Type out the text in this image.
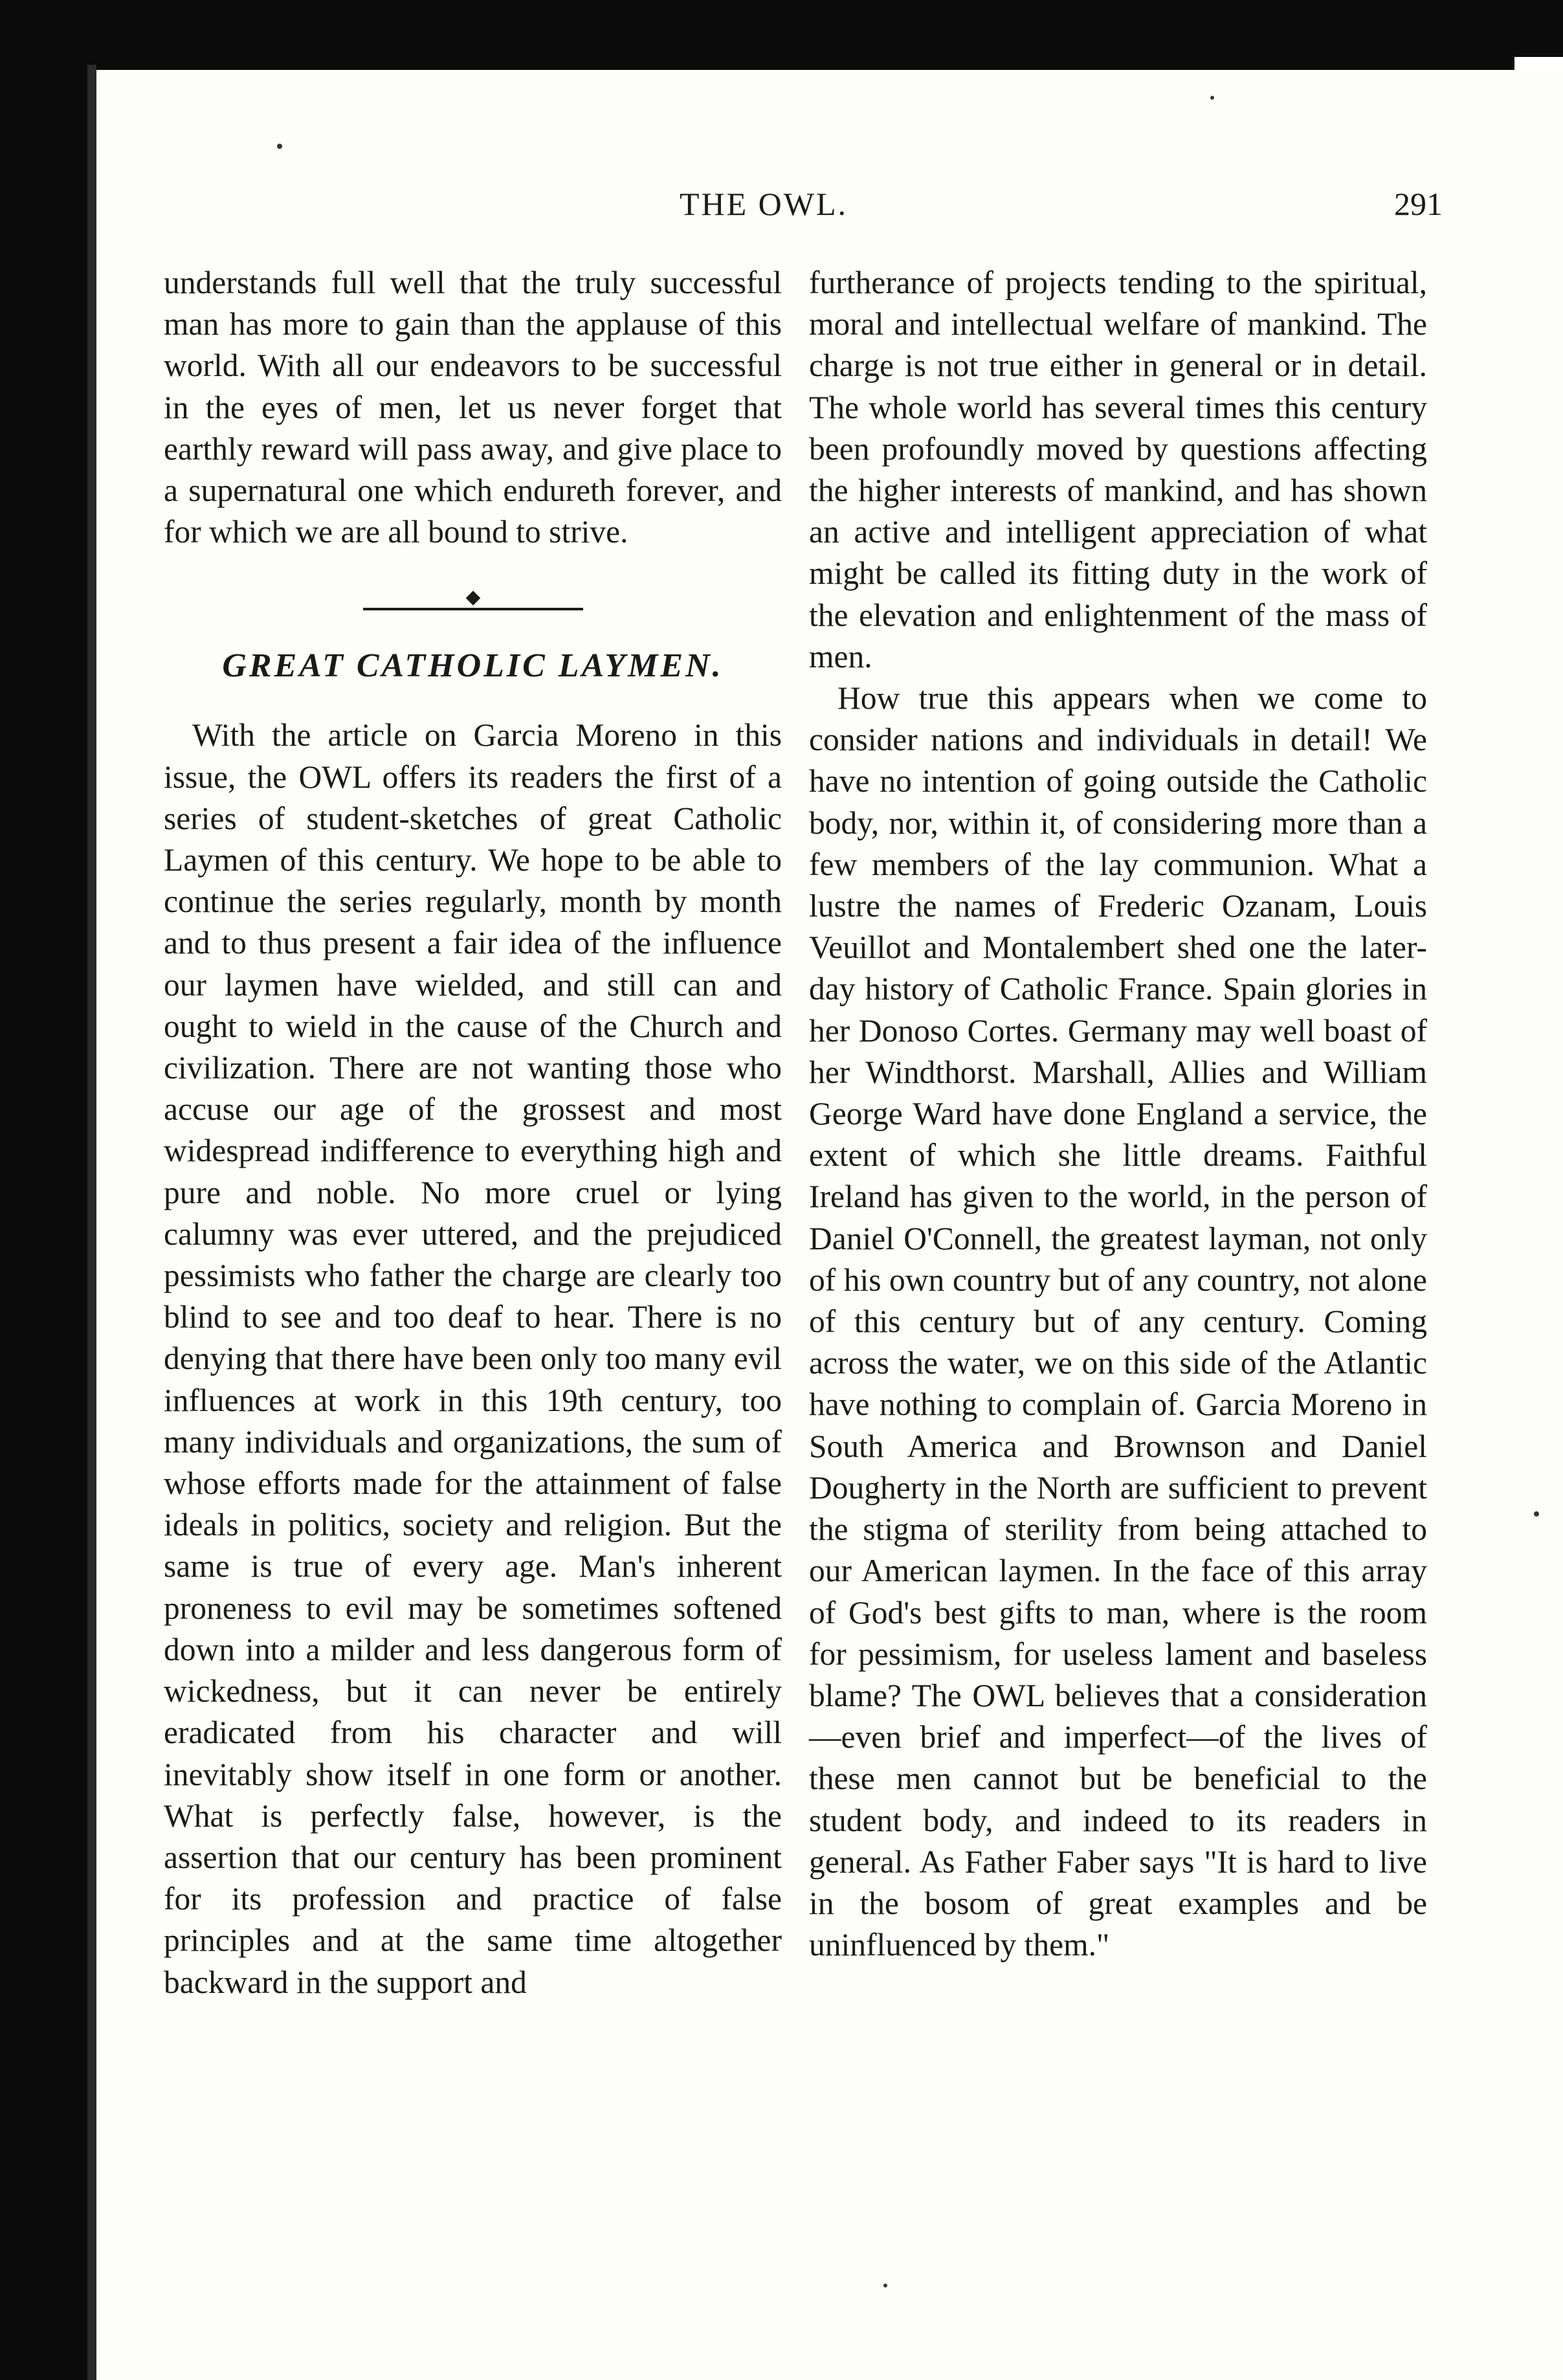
THE OWL.	291

understands full well that the truly successful man has more to gain than the applause of this world. With all our endeavors to be successful in the eyes of men, let us never forget that earthly reward will pass away, and give place to a supernatural one which endureth forever, and for which we are all bound to strive.

GREAT CATHOLIC LAYMEN.

With the article on Garcia Moreno in this issue, the OWL offers its readers the first of a series of student-sketches of great Catholic Laymen of this century. We hope to be able to continue the series regularly, month by month and to thus present a fair idea of the influence our laymen have wielded, and still can and ought to wield in the cause of the Church and civilization. There are not wanting those who accuse our age of the grossest and most widespread indifference to everything high and pure and noble. No more cruel or lying calumny was ever uttered, and the prejudiced pessimists who father the charge are clearly too blind to see and too deaf to hear. There is no denying that there have been only too many evil influences at work in this 19th century, too many individuals and organizations, the sum of whose efforts made for the attainment of false ideals in politics, society and religion. But the same is true of every age. Man's inherent proneness to evil may be sometimes softened down into a milder and less dangerous form of wickedness, but it can never be entirely eradicated from his character and will inevitably show itself in one form or another. What is perfectly false, however, is the assertion that our century has been prominent for its profession and practice of false principles and at the same time altogether backward in the support and

furtherance of projects tending to the spiritual, moral and intellectual welfare of mankind. The charge is not true either in general or in detail. The whole world has several times this century been profoundly moved by questions affecting the higher interests of mankind, and has shown an active and intelligent appreciation of what might be called its fitting duty in the work of the elevation and enlightenment of the mass of men.

How true this appears when we come to consider nations and individuals in detail! We have no intention of going outside the Catholic body, nor, within it, of considering more than a few members of the lay communion. What a lustre the names of Frederic Ozanam, Louis Veuillot and Montalembert shed one the later-day history of Catholic France. Spain glories in her Donoso Cortes. Germany may well boast of her Windthorst. Marshall, Allies and William George Ward have done England a service, the extent of which she little dreams. Faithful Ireland has given to the world, in the person of Daniel O'Connell, the greatest layman, not only of his own country but of any country, not alone of this century but of any century. Coming across the water, we on this side of the Atlantic have nothing to complain of. Garcia Moreno in South America and Brownson and Daniel Dougherty in the North are sufficient to prevent the stigma of sterility from being attached to our American laymen. In the face of this array of God's best gifts to man, where is the room for pessimism, for useless lament and baseless blame? The OWL believes that a consideration—even brief and imperfect—of the lives of these men cannot but be beneficial to the student body, and indeed to its readers in general. As Father Faber says "It is hard to live in the bosom of great examples and be uninfluenced by them."
